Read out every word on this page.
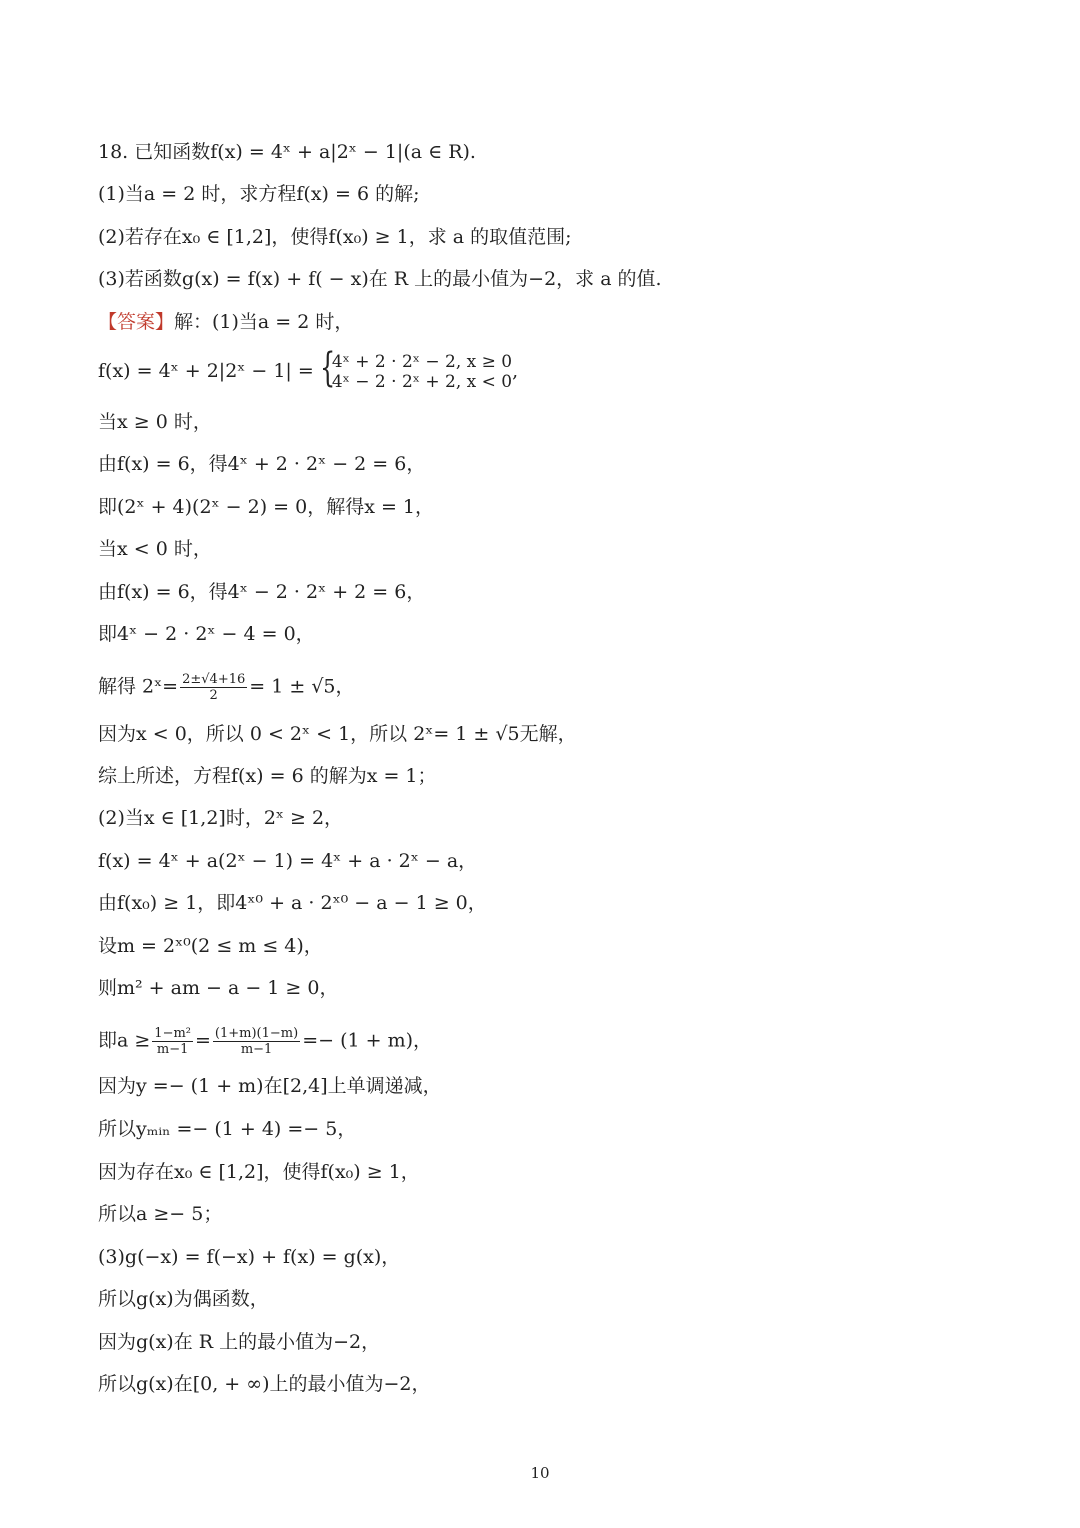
18. 已知函数f(x) = 4ˣ + a|2ˣ − 1|(a ∈ R).
(1)当a = 2 时，求方程f(x) = 6 的解;
(2)若存在x₀ ∈ [1,2]，使得f(x₀) ≥ 1，求 a 的取值范围;
(3)若函数g(x) = f(x) + f( − x)在 R 上的最小值为−2，求 a 的值.
【答案】解：(1)当a = 2 时，
f(x) = 4ˣ + 2|2ˣ − 1| = {
4ˣ + 2 · 2ˣ − 2, x ≥ 0
4ˣ − 2 · 2ˣ + 2, x < 0 ,
当x ≥ 0 时，
由f(x) = 6，得4ˣ + 2 · 2ˣ − 2 = 6，
即(2ˣ + 4)(2ˣ − 2) = 0，解得x = 1，
当x < 0 时，
由f(x) = 6，得4ˣ − 2 · 2ˣ + 2 = 6，
即4ˣ − 2 · 2ˣ − 4 = 0，
解得 2ˣ= $\frac{2\pm√4+16}{2} = 1 \pm √5$，
因为x < 0，所以 0 < 2ˣ < 1，所以 2ˣ= 1 ± √5无解，
综上所述，方程f(x) = 6 的解为x = 1；
(2)当x ∈ [1,2]时，2ˣ ≥ 2，
f(x) = 4ˣ + a(2ˣ − 1) = 4ˣ + a · 2ˣ − a，
由f(x₀) ≥ 1，即4ˣ⁰ + a · 2ˣ⁰ − a − 1 ≥ 0，
设m = 2ˣ⁰(2 ≤ m ≤ 4)，
则m² + am − a − 1 ≥ 0，
即$a \ge \frac{\text{1−m²}}{m-1} = \frac{(1+m)(1-m)}{m-1} =- (1 + m)$，
因为y =− (1 + m)在[2,4]上单调递减，
所以yₘᵢₙ =− (1 + 4) =− 5，
因为存在x₀ ∈ [1,2]，使得f(x₀) ≥ 1，
所以a ≥− 5；
(3)g(−x) = f(−x) + f(x) = g(x)，
所以g(x)为偶函数，
因为g(x)在 R 上的最小值为−2，
所以g(x)在[0, + ∞)上的最小值为−2，
10
